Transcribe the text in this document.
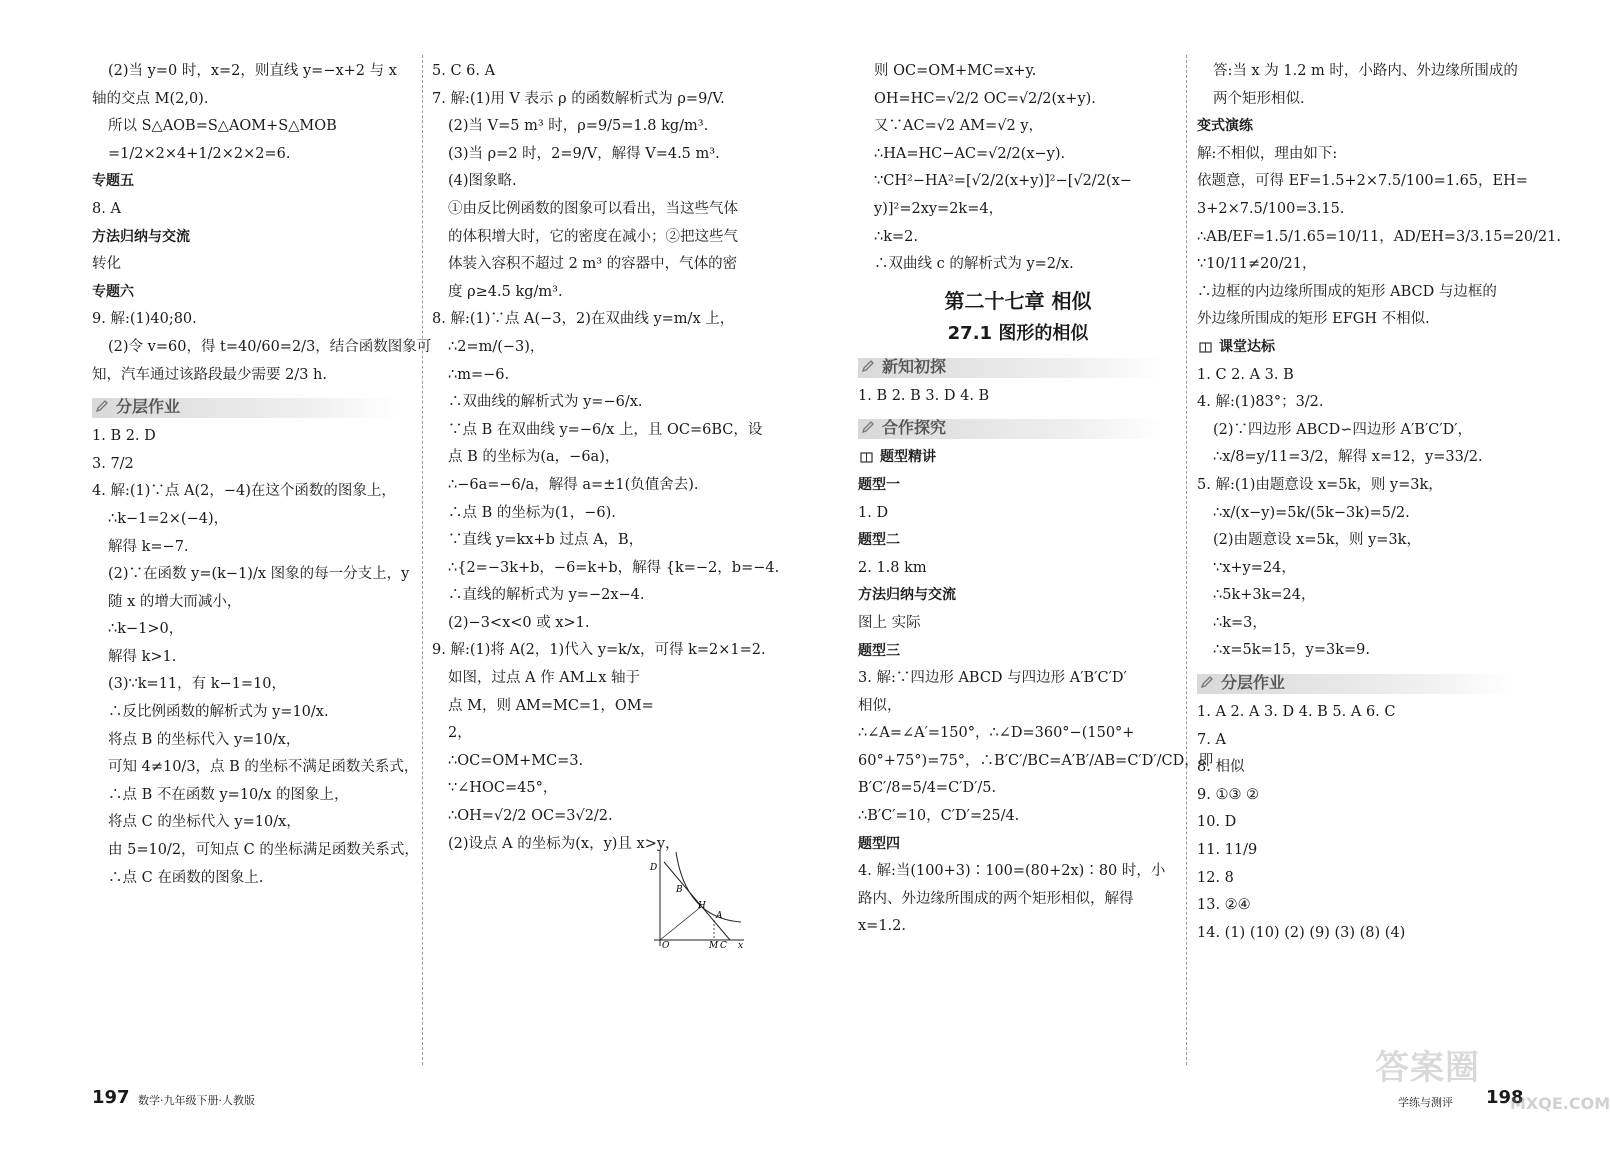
(2)当 y=0 时，x=2，则直线 y=−x+2 与 x
轴的交点 M(2,0).
所以 S△AOB=S△AOM+S△MOB
=1/2×2×4+1/2×2×2=6.
专题五
8. A
方法归纳与交流
转化
专题六
9. 解:(1)40;80.
(2)令 v=60，得 t=40/60=2/3，结合函数图象可
知，汽车通过该路段最少需要 2/3 h.
分层作业
1. B 2. D
3. 7/2
4. 解:(1)∵点 A(2，−4)在这个函数的图象上，
∴k−1=2×(−4)，
解得 k=−7.
(2)∵在函数 y=(k−1)/x 图象的每一分支上，y
随 x 的增大而减小，
∴k−1>0，
解得 k>1.
(3)∵k=11，有 k−1=10，
∴反比例函数的解析式为 y=10/x.
将点 B 的坐标代入 y=10/x，
可知 4≠10/3，点 B 的坐标不满足函数关系式，
∴点 B 不在函数 y=10/x 的图象上，
将点 C 的坐标代入 y=10/x，
由 5=10/2，可知点 C 的坐标满足函数关系式，
∴点 C 在函数的图象上.
5. C 6. A
7. 解:(1)用 V 表示 ρ 的函数解析式为 ρ=9/V.
(2)当 V=5 m³ 时，ρ=9/5=1.8 kg/m³.
(3)当 ρ=2 时，2=9/V，解得 V=4.5 m³.
(4)图象略.
①由反比例函数的图象可以看出，当这些气体
的体积增大时，它的密度在减小；②把这些气
体装入容积不超过 2 m³ 的容器中，气体的密
度 ρ≥4.5 kg/m³.
8. 解:(1)∵点 A(−3，2)在双曲线 y=m/x 上，
∴2=m/(−3)，
∴m=−6.
∴双曲线的解析式为 y=−6/x.
∵点 B 在双曲线 y=−6/x 上，且 OC=6BC，设
点 B 的坐标为(a，−6a)，
∴−6a=−6/a，解得 a=±1(负值舍去).
∴点 B 的坐标为(1，−6).
∵直线 y=kx+b 过点 A，B，
∴{2=−3k+b，−6=k+b，解得 {k=−2，b=−4.
∴直线的解析式为 y=−2x−4.
(2)−3<x<0 或 x>1.
9. 解:(1)将 A(2，1)代入 y=k/x，可得 k=2×1=2.
如图，过点 A 作 AM⊥x 轴于
点 M，则 AM=MC=1，OM=
2，
∴OC=OM+MC=3.
∵∠HOC=45°，
∴OH=√2/2 OC=3√2/2.
(2)设点 A 的坐标为(x，y)且 x>y，
则 OC=OM+MC=x+y.
OH=HC=√2/2 OC=√2/2(x+y).
又∵AC=√2 AM=√2 y，
∴HA=HC−AC=√2/2(x−y).
∵CH²−HA²=[√2/2(x+y)]²−[√2/2(x−
y)]²=2xy=2k=4，
∴k=2.
∴双曲线 c 的解析式为 y=2/x.
第二十七章 相似
27.1 图形的相似
新知初探
1. B 2. B 3. D 4. B
合作探究
题型精讲
题型一
1. D
题型二
2. 1.8 km
方法归纳与交流
图上 实际
题型三
3. 解:∵四边形 ABCD 与四边形 A′B′C′D′
相似，
∴∠A=∠A′=150°，∴∠D=360°−(150°+
60°+75°)=75°，∴B′C′/BC=A′B′/AB=C′D′/CD，即
B′C′/8=5/4=C′D′/5.
∴B′C′=10，C′D′=25/4.
题型四
4. 解:当(100+3)∶100=(80+2x)∶80 时，小
路内、外边缘所围成的两个矩形相似，解得
x=1.2.
答:当 x 为 1.2 m 时，小路内、外边缘所围成的
两个矩形相似.
变式演练
解:不相似，理由如下:
依题意，可得 EF=1.5+2×7.5/100=1.65，EH=
3+2×7.5/100=3.15.
∴AB/EF=1.5/1.65=10/11，AD/EH=3/3.15=20/21.
∵10/11≠20/21，
∴边框的内边缘所围成的矩形 ABCD 与边框的
外边缘所围成的矩形 EFGH 不相似.
课堂达标
1. C 2. A 3. B
4. 解:(1)83°；3/2.
(2)∵四边形 ABCD∽四边形 A′B′C′D′，
∴x/8=y/11=3/2，解得 x=12，y=33/2.
5. 解:(1)由题意设 x=5k，则 y=3k，
∴x/(x−y)=5k/(5k−3k)=5/2.
(2)由题意设 x=5k，则 y=3k，
∵x+y=24，
∴5k+3k=24，
∴k=3，
∴x=5k=15，y=3k=9.
分层作业
1. A 2. A 3. D 4. B 5. A 6. C
7. A
8. 相似
9. ①③ ②
10. D
11. 11/9
12. 8
13. ②④
14. (1) (10) (2) (9) (3) (8) (4)
D
B
H
A
O	M C x
197 数学·九年级下册·人教版	学练与测评 198
答案圈
MXQE.COM
